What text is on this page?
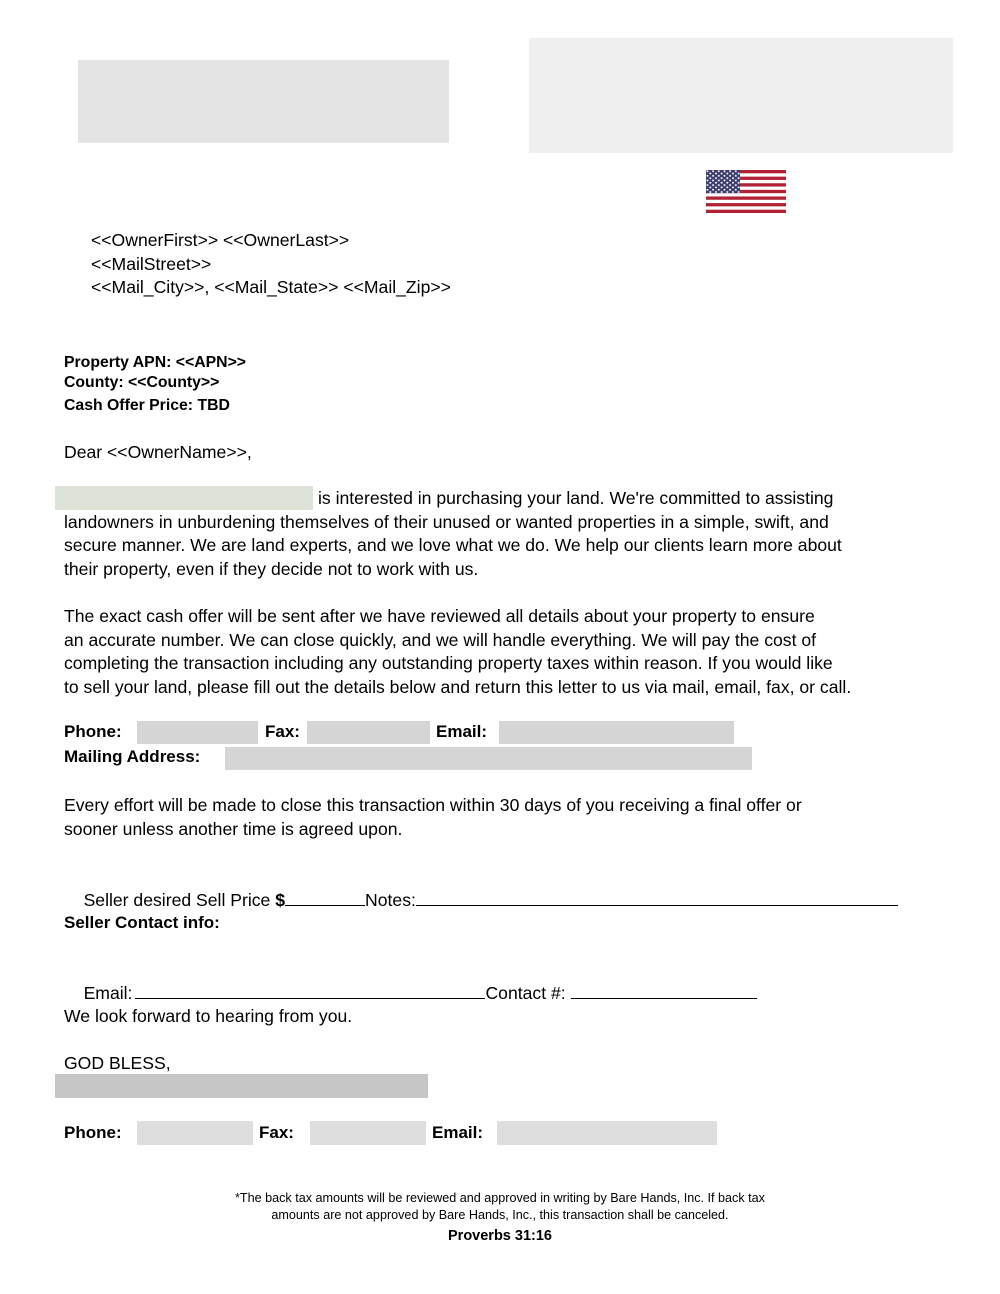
<<OwnerFirst>> <<OwnerLast>>
<<MailStreet>>
<<Mail_City>>, <<Mail_State>> <<Mail_Zip>>
Property APN: <<APN>>
County: <<County>>
Cash Offer Price: TBD
Dear <<OwnerName>>,
is interested in purchasing your land. We're committed to assisting
landowners in unburdening themselves of their unused or wanted properties in a simple, swift, and
secure manner. We are land experts, and we love what we do. We help our clients learn more about
their property, even if they decide not to work with us.
The exact cash offer will be sent after we have reviewed all details about your property to ensure
an accurate number. We can close quickly, and we will handle everything. We will pay the cost of
completing the transaction including any outstanding property taxes within reason. If you would like
to sell your land, please fill out the details below and return this letter to us via mail, email, fax, or call.
Phone:	Fax:	Email:
Mailing Address:
Every effort will be made to close this transaction within 30 days of you receiving a final offer or
sooner unless another time is agreed upon.

Seller desired Sell Price $	Notes:

Seller Contact info:

Email:	Contact #:

We look forward to hearing from you.
GOD BLESS,
Phone:	Fax:	Email:
*The back tax amounts will be reviewed and approved in writing by Bare Hands, Inc. If back tax
amounts are not approved by Bare Hands, Inc., this transaction shall be canceled.
Proverbs 31:16
